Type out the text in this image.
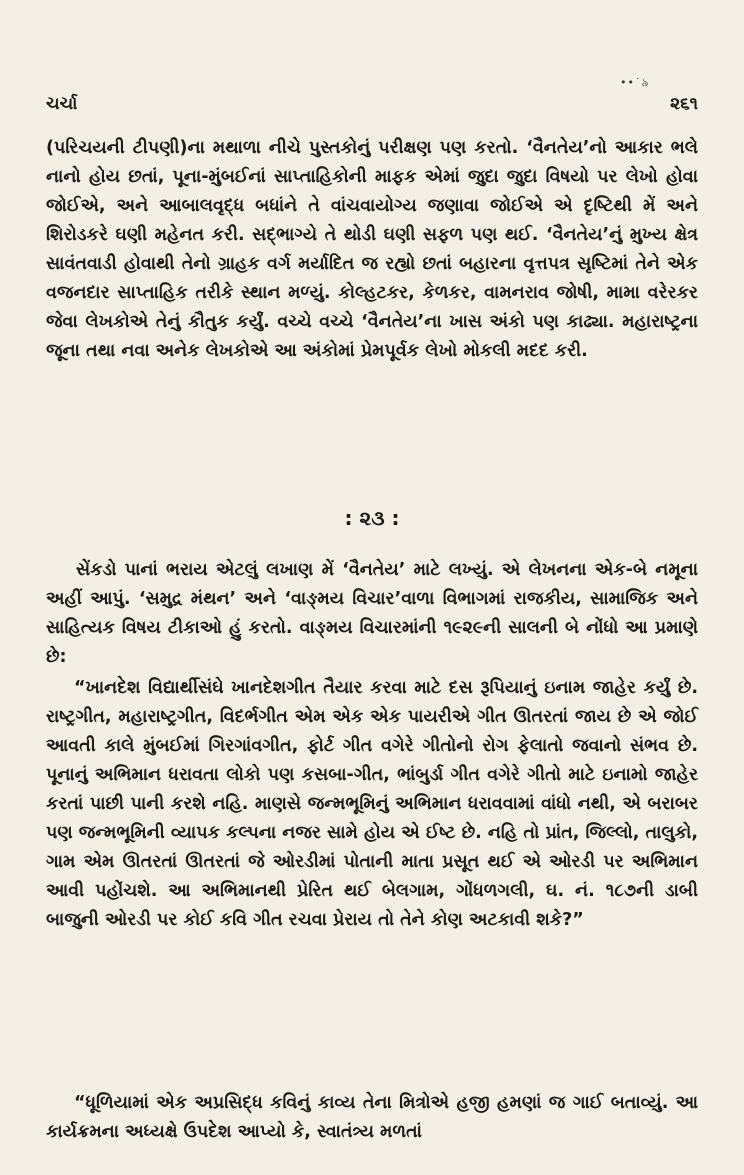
••˙৯
ચર્ચા	૨૬૧

(પરિચયની ટીપણી)ના મથાળા નીચે પુસ્તકોનું પરીક્ષણ પણ કરતો. ‘વૈનતેય’નો આકાર ભલે નાનો હોય છતાં, પૂના-મુંબઈનાં સાપ્તાહિકોની માફક એમાં જુદા જુદા વિષયો પર લેખો હોવા જોઈએ, અને આબાલવૃદ્ધ બધાંને તે વાંચવાયોગ્ય જણાવા જોઈએ એ દૃષ્ટિથી મેં અને શિરોડકરે ઘણી મહેનત કરી. સદ્ભાગ્યે તે થોડી ઘણી સફળ પણ થઈ. ‘વૈનતેય’નું મુખ્ય ક્ષેત્ર સાવંતવાડી હોવાથી તેનો ગ્રાહક વર્ગ મર્યાદિત જ રહ્યો છતાં બહારના વૃત્તપત્ર સૃષ્ટિમાં તેને એક વજનદાર સાપ્તાહિક તરીકે સ્થાન મળ્યું. કોલ્હટકર, કેળકર, વામનરાવ જોષી, મામા વરેરકર જેવા લેખકોએ તેનું કૌતુક કર્યું. વચ્ચે વચ્ચે ‘વૈનતેય’ના ખાસ અંકો પણ કાઢ્યા. મહારાષ્ટ્રના જૂના તથા નવા અનેક લેખકોએ આ અંકોમાં પ્રેમપૂર્વક લેખો મોકલી મદદ કરી.

: ૨૩ :

સેંકડો પાનાં ભરાય એટલું લખાણ મેં ‘વૈનતેય’ માટે લખ્યું. એ લેખનના એક-બે નમૂના અહીં આપું. ‘સમુદ્ર મંથન’ અને ‘વાઙ્મય વિચાર’વાળા વિભાગમાં રાજકીય, સામાજિક અને સાહિત્યક વિષય ટીકાઓ હું કરતો. વાઙ્મય વિચારમાંની ૧૯૨૯ની સાલની બે નોંધો આ પ્રમાણે છે:

“ખાનદેશ વિદ્યાર્થીસંઘે ખાનદેશગીત તૈયાર કરવા માટે દસ રૂપિયાનું ઇનામ જાહેર કર્યું છે. રાષ્ટ્રગીત, મહારાષ્ટ્રગીત, વિદર્ભગીત એમ એક એક પાયરીએ ગીત ઊતરતાં જાય છે એ જોઈ આવતી કાલે મુંબઈમાં ગિરગાંવગીત, ફોર્ટ ગીત વગેરે ગીતોનો રોગ ફેલાતો જવાનો સંભવ છે. પૂનાનું અભિમાન ધરાવતા લોકો પણ કસબા-ગીત, ભાંબુર્ડા ગીત વગેરે ગીતો માટે ઇનામો જાહેર કરતાં પાછી પાની કરશે નહિ. માણસે જન્મભૂમિનું અભિમાન ધરાવવામાં વાંધો નથી, એ બરાબર પણ જન્મભૂમિની વ્યાપક કલ્પના નજર સામે હોય એ ઈષ્ટ છે. નહિ તો પ્રાંત, જિલ્લો, તાલુકો, ગામ એમ ઊતરતાં ઊતરતાં જે ઓરડીમાં પોતાની માતા પ્રસૂત થઈ એ ઓરડી પર અભિમાન આવી પહોંચશે. આ અભિમાનથી પ્રેરિત થઈ બેલગામ, ગોંધળગલી, ઘ. નં. ૧૮૭ની ડાબી બાજુની ઓરડી પર કોઈ કવિ ગીત રચવા પ્રેરાય તો તેને કોણ અટકાવી શકે?”

“ધૂળિયામાં એક અપ્રસિદ્ધ કવિનું કાવ્ય તેના મિત્રોએ હજી હમણાં જ ગાઈ બતાવ્યું. આ કાર્યક્રમના અધ્યક્ષે ઉપદેશ આપ્યો કે, સ્વાતંત્ર્ય મળતાં
